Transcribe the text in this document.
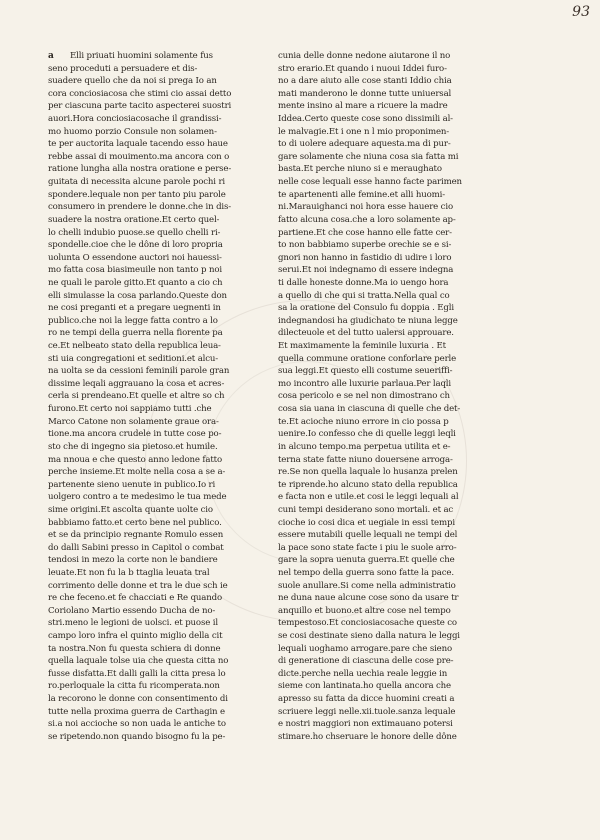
93
a Elli priuati huomini solamente fus
seno proceduti a persuadere et dis-
suadere quello che da noi si prega Io an
cora conciosiacosa che stimi cio assai detto
per ciascuna parte tacito aspecterei suostri
auori.Hora conciosiacosache il grandissi-
mo huomo porzio Consule non solamen-
te per auctorita laquale tacendo esso haue
rebbe assai di mouimento.ma ancora con o
ratione lungha alla nostra oratione e perse-
guitata di necessita alcune parole pochi ri
spondere.lequale non per tanto piu parole
consumero in prendere le donne.che in dis-
suadere la nostra oratione.Et certo quel-
lo chelli indubio puose.se quello chelli ri-
spondelle.cioe che le dône di loro propria
uolunta O essendone auctori noi hauessi-
mo fatta cosa biasimeuile non tanto p noi
ne quali le parole gitto.Et quanto a cio ch
elli simulasse la cosa parlando.Queste don
ne cosi preganti et a pregare uegnenti in
publico.che noi la legge fatta contro a lo
ro ne tempi della guerra nella fiorente pa
ce.Et nelbeato stato della republica leua-
sti uia congregationi et seditioni.et alcu-
na uolta se da cessioni feminili parole gran
dissime leqali aggrauano la cosa et acres-
cerla si prendeano.Et quelle et altre so ch
furono.Et certo noi sappiamo tutti .che
Marco Catone non solamente graue ora-
tione.ma ancora crudele in tutte cose po-
sto che di ingegno sia pietoso.et humile.
ma nnoua e che questo anno ledone fatto
perche insieme.Et molte nella cosa a se a-
partenente sieno uenute in publico.Io ri
uolgero contro a te medesimo le tua mede
sime origini.Et ascolta quante uolte cio
babbiamo fatto.et certo bene nel publico.
et se da principio regnante Romulo essen
do dalli Sabini presso in Capitol o combat
tendosi in mezo la corte non le bandiere
leuate.Et non fu la b ttaglia leuata tral
corrimento delle donne et tra le due sch ie
re che feceno.et fe chacciati e Re quando
Coriolano Martio essendo Ducha de no-
stri.meno le legioni de uolsci. et puose il
campo loro infra el quinto miglio della cit
ta nostra.Non fu questa schiera di donne
quella laquale tolse uia che questa citta no
fusse disfatta.Et dalli galli la citta presa lo
ro.perloquale la citta fu ricomperata.non
la recorono le donne con consentimento di
tutte nella proxima guerra de Carthagin e
si.a noi accioche so non uada le antiche to
se ripetendo.non quando bisogno fu la pe-
cunia delle donne nedone aiutarone il no
stro erario.Et quando i nuoui Iddei furo-
no a dare aiuto alle cose stanti Iddio chia
mati manderono le donne tutte uniuersal
mente insino al mare a ricuere la madre
Iddea.Certo queste cose sono dissimili al-
le malvagie.Et i one n l mio proponimen-
to di uolere adequare aquesta.ma di pur-
gare solamente che niuna cosa sia fatta mi
basta.Et perche niuno si e meraughato
nelle cose lequali esse hanno facte parimen
te apartenenti alle femine.et alli huomi-
ni.Marauighanci noi hora esse hauere cio
fatto alcuna cosa.che a loro solamente ap-
partiene.Et che cose hanno elle fatte cer-
to non babbiamo superbe orechie se e si-
gnori non hanno in fastidio di udire i loro
serui.Et noi indegnamo di essere indegna
ti dalle honeste donne.Ma io uengo hora
a quello di che qui si tratta.Nella qual co
sa la oratione del Consulo fu doppia . Egli
indegnandosi ha giudichato te niuna legge
dilecteuole et del tutto ualersi approuare.
Et maximamente la feminile luxuria . Et
quella commune oratione conforlare perle
sua leggi.Et questo elli costume seueriffi-
mo incontro alle luxurie parlaua.Per laqli
cosa pericolo e se nel non dimostrano ch
cosa sia uana in ciascuna di quelle che det-
te.Et acioche niuno errore in cio possa p
uenire.Io confesso che di quelle leggi leqli
in alcuno tempo.ma perpetua utilita et e-
terna state fatte niuno douersene arroga-
re.Se non quella laquale lo husanza prelen
te riprende.ho alcuno stato della republica
e facta non e utile.et cosi le leggi lequali al
cuni tempi desiderano sono mortali. et ac
cioche io cosi dica et uegiale in essi tempi
essere mutabili quelle lequali ne tempi del
la pace sono state facte i piu le suole arro-
gare la sopra uenuta guerra.Et quelle che
nel tempo della guerra sono fatte la pace.
suole anullare.Si come nella administratio
ne duna naue alcune cose sono da usare tr
anquillo et buono.et altre cose nel tempo
tempestoso.Et conciosiacosache queste co
se cosi destinate sieno dalla natura le leggi
lequali uoghamo arrogare.pare che sieno
di generatione di ciascuna delle cose pre-
dicte.perche nella uechia reale leggie in
sieme con lantinata.ho quella ancora che
apresso su fatta da dicce huomini creati a
scriuere leggi nelle.xii.tuole.sanza lequale
e nostri maggiori non extimauano potersi
stimare.ho chseruare le honore delle dône
